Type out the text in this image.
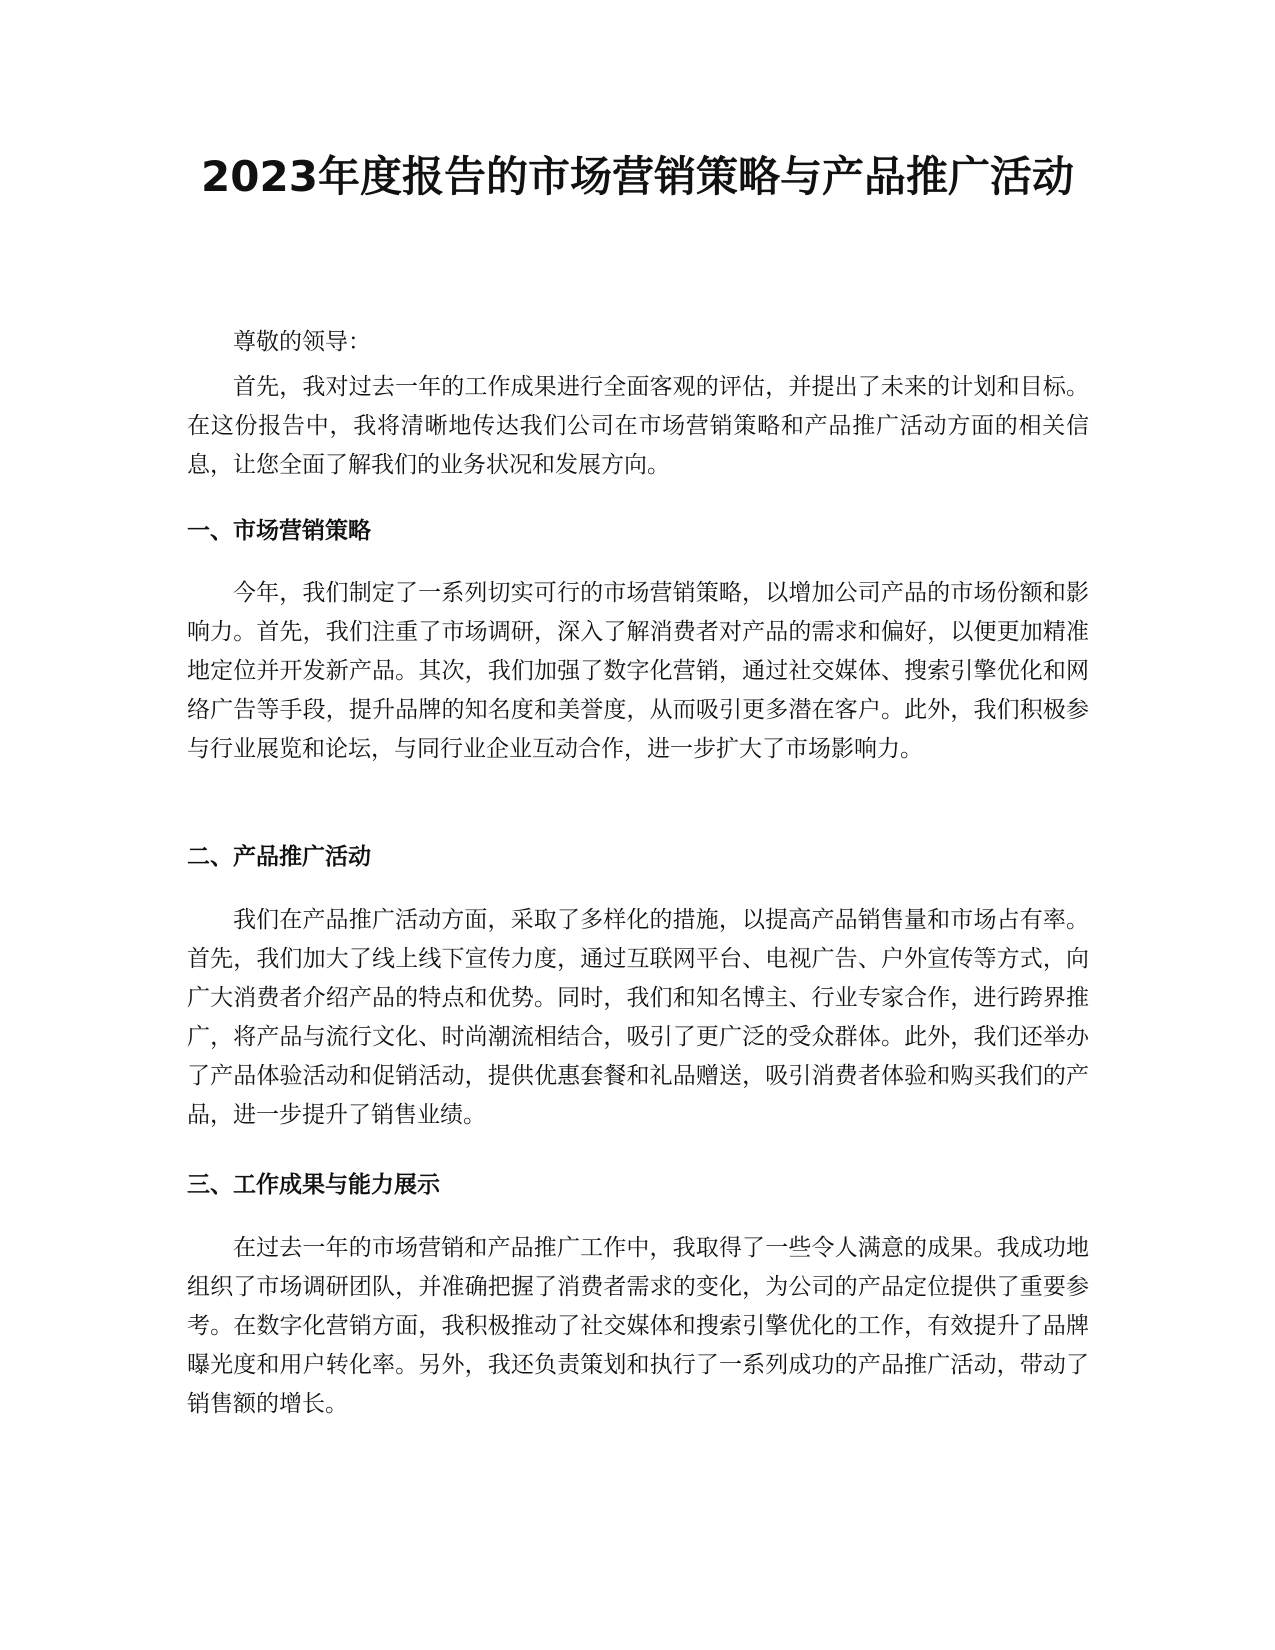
2023年度报告的市场营销策略与产品推广活动

尊敬的领导：

首先，我对过去一年的工作成果进行全面客观的评估，并提出了未来的计划和目标。在这份报告中，我将清晰地传达我们公司在市场营销策略和产品推广活动方面的相关信息，让您全面了解我们的业务状况和发展方向。

一、市场营销策略

今年，我们制定了一系列切实可行的市场营销策略，以增加公司产品的市场份额和影响力。首先，我们注重了市场调研，深入了解消费者对产品的需求和偏好，以便更加精准地定位并开发新产品。其次，我们加强了数字化营销，通过社交媒体、搜索引擎优化和网络广告等手段，提升品牌的知名度和美誉度，从而吸引更多潜在客户。此外，我们积极参与行业展览和论坛，与同行业企业互动合作，进一步扩大了市场影响力。

二、产品推广活动

我们在产品推广活动方面，采取了多样化的措施，以提高产品销售量和市场占有率。首先，我们加大了线上线下宣传力度，通过互联网平台、电视广告、户外宣传等方式，向广大消费者介绍产品的特点和优势。同时，我们和知名博主、行业专家合作，进行跨界推广，将产品与流行文化、时尚潮流相结合，吸引了更广泛的受众群体。此外，我们还举办了产品体验活动和促销活动，提供优惠套餐和礼品赠送，吸引消费者体验和购买我们的产品，进一步提升了销售业绩。

三、工作成果与能力展示

在过去一年的市场营销和产品推广工作中，我取得了一些令人满意的成果。我成功地组织了市场调研团队，并准确把握了消费者需求的变化，为公司的产品定位提供了重要参考。在数字化营销方面，我积极推动了社交媒体和搜索引擎优化的工作，有效提升了品牌曝光度和用户转化率。另外，我还负责策划和执行了一系列成功的产品推广活动，带动了销售额的增长。
